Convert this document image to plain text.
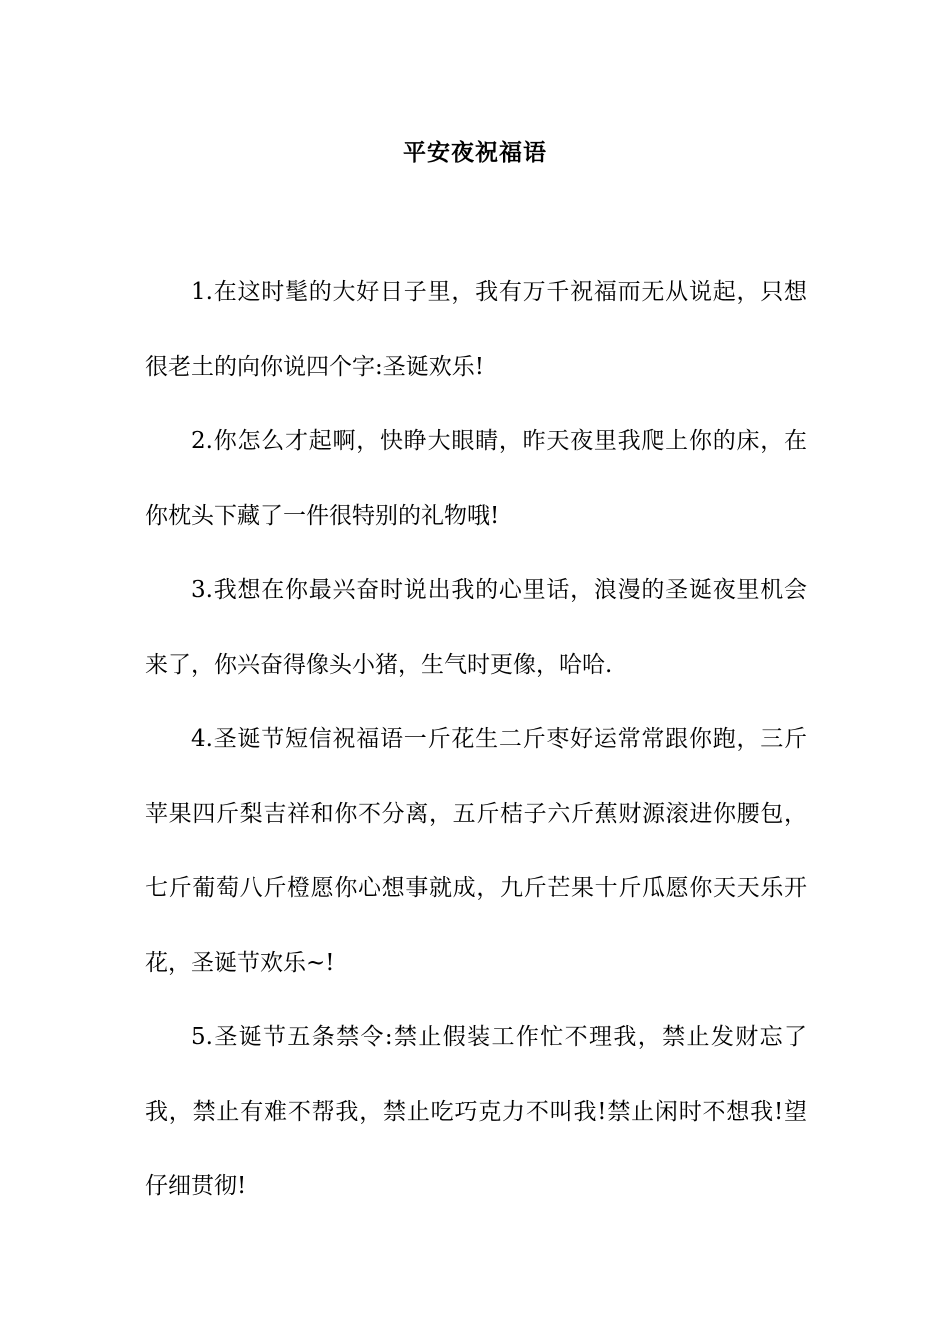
平安夜祝福语

1.在这时髦的大好日子里，我有万千祝福而无从说起，只想很老土的向你说四个字:圣诞欢乐!

2.你怎么才起啊，快睁大眼睛，昨天夜里我爬上你的床，在你枕头下藏了一件很特别的礼物哦!

3.我想在你最兴奋时说出我的心里话，浪漫的圣诞夜里机会来了，你兴奋得像头小猪，生气时更像，哈哈.

4.圣诞节短信祝福语一斤花生二斤枣好运常常跟你跑，三斤苹果四斤梨吉祥和你不分离，五斤桔子六斤蕉财源滚进你腰包，七斤葡萄八斤橙愿你心想事就成，九斤芒果十斤瓜愿你天天乐开花，圣诞节欢乐~!

5.圣诞节五条禁令:禁止假装工作忙不理我，禁止发财忘了我，禁止有难不帮我，禁止吃巧克力不叫我!禁止闲时不想我!望仔细贯彻!
